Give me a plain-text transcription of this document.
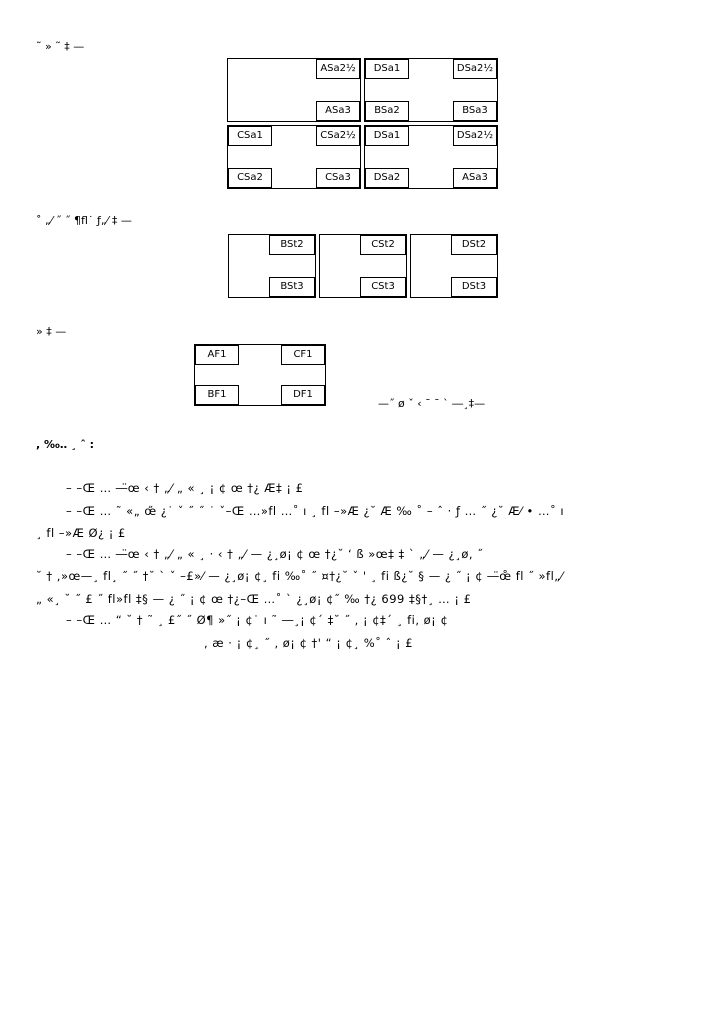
˜ » ˜ ‡ —
ASa2½
ASa3
DSa1	DSa2½
BSa2	BSa3
CSa1	CSa2½
CSa2	CSa3
DSa1	DSa2½
DSa2	ASa3
˚ „⁄ ˝ ˝ ¶fl˙ ƒ„⁄ ‡ —
BSt2
BSt3
CSt2
CSt3
DSt2
DSt3
» ‡ —
AF1	CF1
BF1	DF1
—˝ ø ˇ ‹ ˉ ˉ ˋ ―¸‡—
, ‰‥ ¸ ˆ :
– –Œ … ―̈œ ‹ † „⁄ „ « ¸ ¡ ¢ œ †¿ Æ‡ ¡ £
– –Œ … ˜ «„ œ̋ ¿˙ ˇ ˝ ˝ ˙ ˇ–Œ …»fl …˚ ı ¸ fl –»Æ ¿˘ Æ ‰ ˚ – ˆ · ƒ … ˝ ¿˘ Æ⁄ • …˚ ı
¸ fl –»Æ Ø¿ ¡ £
– –Œ … ―̈œ ‹ † „⁄ „ « ¸ · ‹ † „⁄ — ¿¸ø¡ ¢ œ †¿˘ ‘ ß »œ‡ ‡ ˋ „⁄ — ¿¸ø, ˝
˘ † ,»œ—¸ fl¸ ˝ ˝ †˘ ˋ ˇ –£»⁄ — ¿¸ø¡ ¢¸ fi ‰˚ ˝ ¤†¿˘ ˇ ' ¸ fi ß¿˘ § — ¿ ˝ ¡ ¢ ―̈œ̊ fl ˝ »fl„⁄
„ «¸ ˘ ˝ £ ˝ fl»fl ‡§ — ¿ ˝ ¡ ¢ œ †¿–Œ …˚ ˋ ¿¸ø¡ ¢˝ ‰ †¿ 699 ‡§†¸ … ¡ £
– –Œ … “ ˘ † ˜ ¸ £˝ ˝ Ø¶ »˝ ¡ ¢˙ ı ˜ ―¸¡ ¢´ ‡˘ ˝ , ¡ ¢‡´ ¸ fi, ø¡ ¢
, æ · ¡ ¢¸ ˝ , ø¡ ¢ †' “ ¡ ¢¸ %˚ ˆ ¡ £
